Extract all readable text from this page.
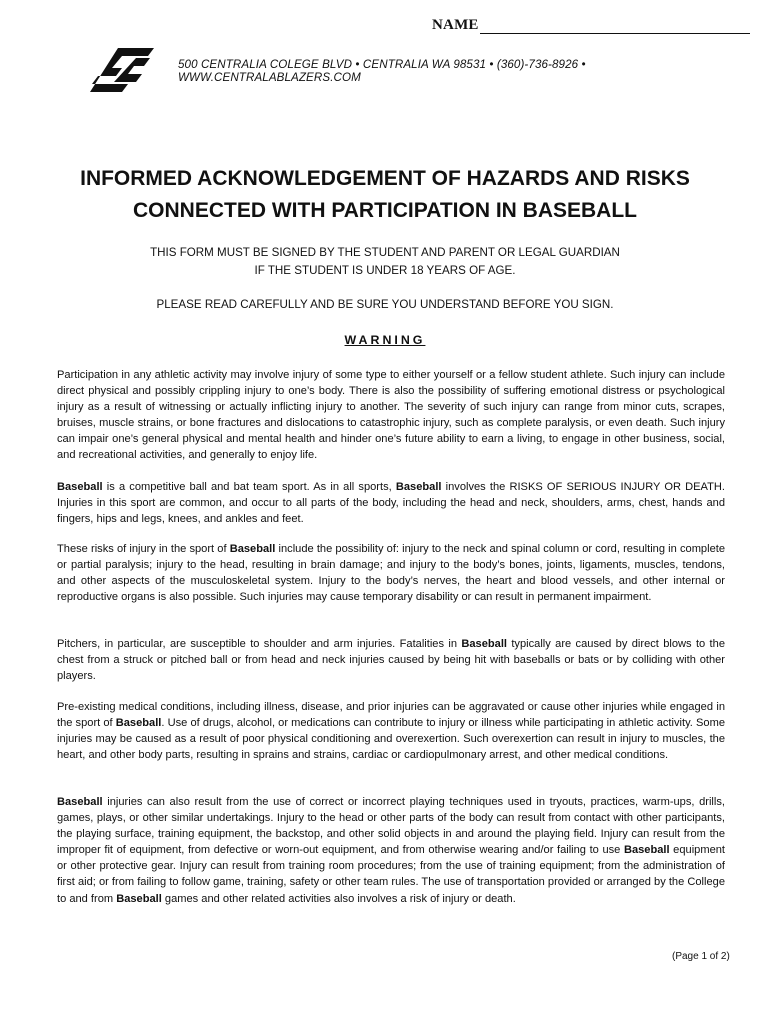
NAME
500 CENTRALIA COLEGE BLVD • CENTRALIA WA 98531 • (360)-736-8926 • WWW.CENTRALABLAZERS.COM
INFORMED ACKNOWLEDGEMENT OF HAZARDS AND RISKS
CONNECTED WITH PARTICIPATION IN BASEBALL
THIS FORM MUST BE SIGNED BY THE STUDENT AND PARENT OR LEGAL GUARDIAN
IF THE STUDENT IS UNDER 18 YEARS OF AGE.
PLEASE READ CAREFULLY AND BE SURE YOU UNDERSTAND BEFORE YOU SIGN.
WARNING
Participation in any athletic activity may involve injury of some type to either yourself or a fellow student athlete. Such injury can include direct physical and possibly crippling injury to one’s body. There is also the possibility of suffering emotional distress or psychological injury as a result of witnessing or actually inflicting injury to another. The severity of such injury can range from minor cuts, scrapes, bruises, muscle strains, or bone fractures and dislocations to catastrophic injury, such as complete paralysis, or even death. Such injury can impair one’s general physical and mental health and hinder one’s future ability to earn a living, to engage in other business, social, and recreational activities, and generally to enjoy life.
Baseball is a competitive ball and bat team sport. As in all sports, Baseball involves the RISKS OF SERIOUS INJURY OR DEATH. Injuries in this sport are common, and occur to all parts of the body, including the head and neck, shoulders, arms, chest, hands and fingers, hips and legs, knees, and ankles and feet.
These risks of injury in the sport of Baseball include the possibility of: injury to the neck and spinal column or cord, resulting in complete or partial paralysis; injury to the head, resulting in brain damage; and injury to the body’s bones, joints, ligaments, muscles, tendons, and other aspects of the musculoskeletal system. Injury to the body’s nerves, the heart and blood vessels, and other internal or reproductive organs is also possible. Such injuries may cause temporary disability or can result in permanent impairment.
Pitchers, in particular, are susceptible to shoulder and arm injuries. Fatalities in Baseball typically are caused by direct blows to the chest from a struck or pitched ball or from head and neck injuries caused by being hit with baseballs or bats or by colliding with other players.
Pre-existing medical conditions, including illness, disease, and prior injuries can be aggravated or cause other injuries while engaged in the sport of Baseball. Use of drugs, alcohol, or medications can contribute to injury or illness while participating in athletic activity. Some injuries may be caused as a result of poor physical conditioning and overexertion. Such overexertion can result in injury to muscles, the heart, and other body parts, resulting in sprains and strains, cardiac or cardiopulmonary arrest, and other medical conditions.
Baseball injuries can also result from the use of correct or incorrect playing techniques used in tryouts, practices, warm-ups, drills, games, plays, or other similar undertakings. Injury to the head or other parts of the body can result from contact with other participants, the playing surface, training equipment, the backstop, and other solid objects in and around the playing field. Injury can result from the improper fit of equipment, from defective or worn-out equipment, and from otherwise wearing and/or failing to use Baseball equipment or other protective gear. Injury can result from training room procedures; from the use of training equipment; from the administration of first aid; or from failing to follow game, training, safety or other team rules. The use of transportation provided or arranged by the College to and from Baseball games and other related activities also involves a risk of injury or death.
(Page 1 of 2)
